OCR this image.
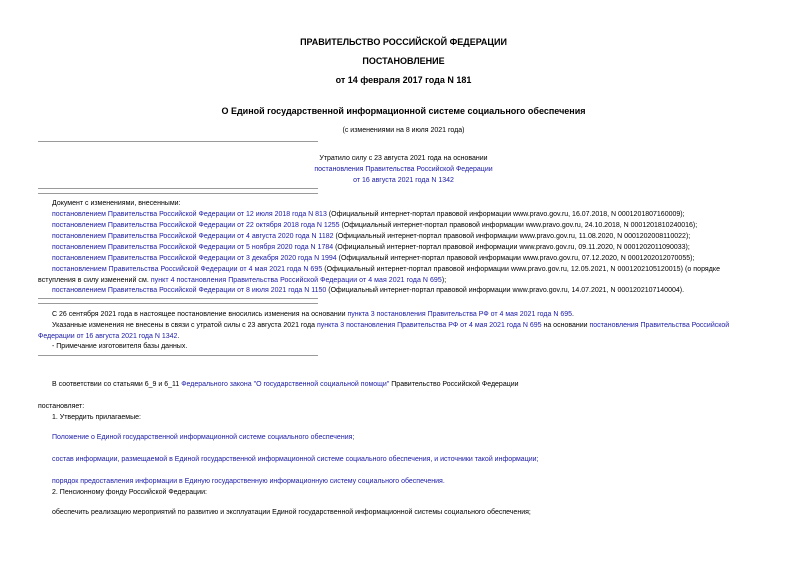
ПРАВИТЕЛЬСТВО РОССИЙСКОЙ ФЕДЕРАЦИИ
ПОСТАНОВЛЕНИЕ
от 14 февраля 2017 года N 181
О Единой государственной информационной системе социального обеспечения
(с изменениями на 8 июля 2021 года)
Утратило силу с 23 августа 2021 года на основании
постановления Правительства Российской Федерации
от 16 августа 2021 года N 1342
Документ с изменениями, внесенными:
постановлением Правительства Российской Федерации от 12 июля 2018 года N 813 (Официальный интернет-портал правовой информации www.pravo.gov.ru, 16.07.2018, N 0001201807160009);
постановлением Правительства Российской Федерации от 22 октября 2018 года N 1255 (Официальный интернет-портал правовой информации www.pravo.gov.ru, 24.10.2018, N 0001201810240016);
постановлением Правительства Российской Федерации от 4 августа 2020 года N 1182 (Официальный интернет-портал правовой информации www.pravo.gov.ru, 11.08.2020, N 0001202008110022);
постановлением Правительства Российской Федерации от 5 ноября 2020 года N 1784 (Официальный интернет-портал правовой информации www.pravo.gov.ru, 09.11.2020, N 0001202011090033);
постановлением Правительства Российской Федерации от 3 декабря 2020 года N 1994 (Официальный интернет-портал правовой информации www.pravo.gov.ru, 07.12.2020, N 0001202012070055);
постановлением Правительства Российской Федерации от 4 мая 2021 года N 695 (Официальный интернет-портал правовой информации www.pravo.gov.ru, 12.05.2021, N 0001202105120015) (о порядке вступления в силу изменений см. пункт 4 постановления Правительства Российской Федерации от 4 мая 2021 года N 695);
постановлением Правительства Российской Федерации от 8 июля 2021 года N 1150 (Официальный интернет-портал правовой информации www.pravo.gov.ru, 14.07.2021, N 0001202107140004).
С 26 сентября 2021 года в настоящее постановление вносились изменения на основании пункта 3 постановления Правительства РФ от 4 мая 2021 года N 695.
Указанные изменения не внесены в связи с утратой силы с 23 августа 2021 года пункта 3 постановления Правительства РФ от 4 мая 2021 года N 695 на основании постановления Правительства Российской Федерации от 16 августа 2021 года N 1342.
- Примечание изготовителя базы данных.
В соответствии со статьями 6_9 и 6_11 Федерального закона "О государственной социальной помощи" Правительство Российской Федерации
постановляет:
1. Утвердить прилагаемые:
Положение о Единой государственной информационной системе социального обеспечения;
состав информации, размещаемой в Единой государственной информационной системе социального обеспечения, и источники такой информации;
порядок предоставления информации в Единую государственную информационную систему социального обеспечения.
2. Пенсионному фонду Российской Федерации:
обеспечить реализацию мероприятий по развитию и эксплуатации Единой государственной информационной системы социального обеспечения;
